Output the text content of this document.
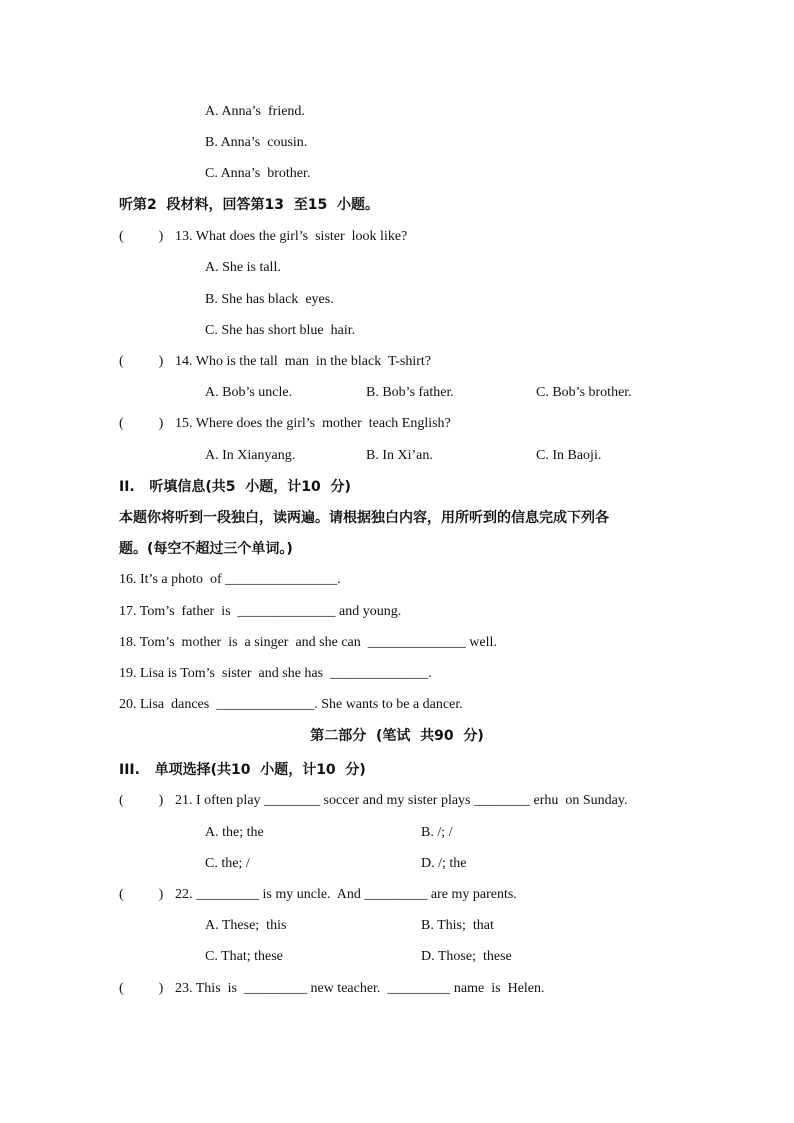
A. Anna’s  friend.
B. Anna’s  cousin.
C. Anna’s  brother.
听第2  段材料，回答第13  至15  小题。
(          ) 13. What does the girl’s  sister  look like?
A. She is tall.
B. She has black  eyes.
C. She has short blue  hair.
(          ) 14. Who is the tall  man  in the black  T-shirt?
A. Bob’s uncle.	B. Bob’s father.	C. Bob’s brother.
(          ) 15. Where does the girl’s  mother  teach English?
A. In Xianyang.	B. In Xi’an.	C. In Baoji.
II.   听填信息(共5  小题，计10  分)
本题你将听到一段独白，读两遍。请根据独白内容，用所听到的信息完成下列各
题。(每空不超过三个单词。)
16. It’s a photo  of ________________.
17. Tom’s  father  is  ______________ and young.
18. Tom’s  mother  is  a singer  and she can  ______________ well.
19. Lisa is Tom’s  sister  and she has  ______________.
20. Lisa  dances  ______________. She wants to be a dancer.
第二部分  (笔试  共90  分)
III.   单项选择(共10  小题，计10  分)
(          ) 21. I often play ________ soccer and my sister plays ________ erhu  on Sunday.
A. the; the	B. /; /
C. the; /	D. /; the
(          ) 22. _________ is my uncle.  And _________ are my parents.
A. These;  this	B. This;  that
C. That; these	D. Those;  these
(          ) 23. This  is  _________ new teacher.  _________ name  is  Helen.
